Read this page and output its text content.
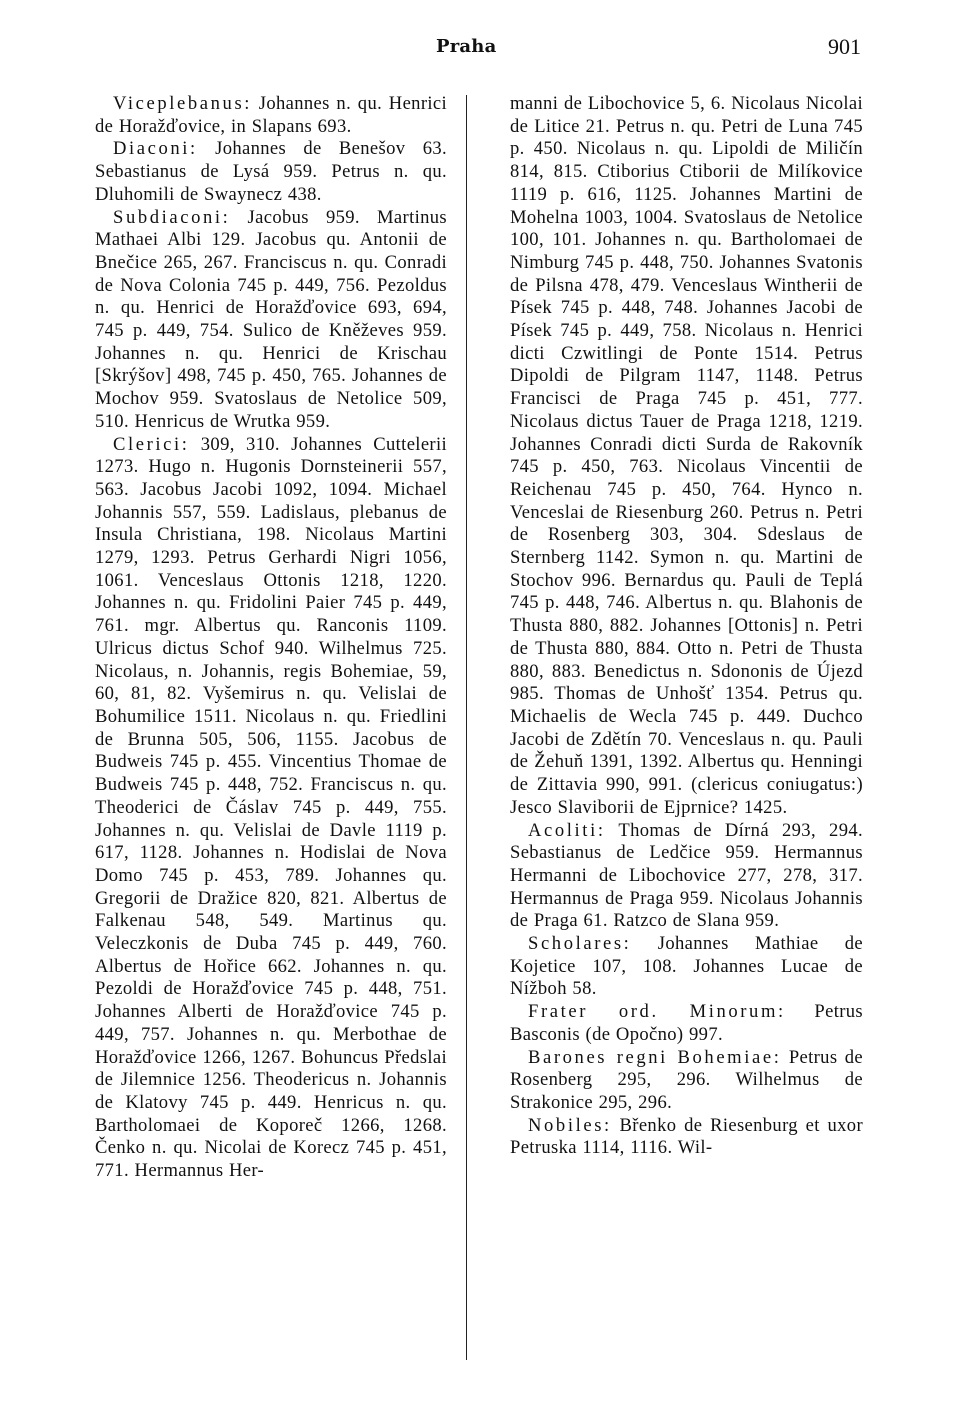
Praha	901

Viceplebanus: Johannes n. qu. Henrici de Horažďovice, in Slapans 693.

Diaconi: Johannes de Benešov 63. Sebastianus de Lysá 959. Petrus n. qu. Dluhomili de Swaynecz 438.

Subdiaconi: Jacobus 959. Martinus Mathaei Albi 129. Jacobus qu. Antonii de Bnečice 265, 267. Franciscus n. qu. Conradi de Nova Colonia 745 p. 449, 756. Pezoldus n. qu. Henrici de Horažďovice 693, 694, 745 p. 449, 754. Sulico de Kněževes 959. Johannes n. qu. Henrici de Krischau [Skrýšov] 498, 745 p. 450, 765. Johannes de Mochov 959. Svatoslaus de Netolice 509, 510. Henricus de Wrutka 959.

Clerici: 309, 310. Johannes Cuttelerii 1273. Hugo n. Hugonis Dornsteinerii 557, 563. Jacobus Jacobi 1092, 1094. Michael Johannis 557, 559. Ladislaus, plebanus de Insula Christiana, 198. Nicolaus Martini 1279, 1293. Petrus Gerhardi Nigri 1056, 1061. Venceslaus Ottonis 1218, 1220. Johannes n. qu. Fridolini Paier 745 p. 449, 761. mgr. Albertus qu. Ranconis 1109. Ulricus dictus Schof 940. Wilhelmus 725. Nicolaus, n. Johannis, regis Bohemiae, 59, 60, 81, 82. Vyšemirus n. qu. Velislai de Bohumilice 1511. Nicolaus n. qu. Friedlini de Brunna 505, 506, 1155. Jacobus de Budweis 745 p. 455. Vincentius Thomae de Budweis 745 p. 448, 752. Franciscus n. qu. Theoderici de Čáslav 745 p. 449, 755. Johannes n. qu. Velislai de Davle 1119 p. 617, 1128. Johannes n. Hodislai de Nova Domo 745 p. 453, 789. Johannes qu. Gregorii de Dražice 820, 821. Albertus de Falkenau 548, 549. Martinus qu. Veleczkonis de Duba 745 p. 449, 760. Albertus de Hořice 662. Johannes n. qu. Pezoldi de Horažďovice 745 p. 448, 751. Johannes Alberti de Horažďovice 745 p. 449, 757. Johannes n. qu. Merbothae de Horažďovice 1266, 1267. Bohuncus Předslai de Jilemnice 1256. Theodericus n. Johannis de Klatovy 745 p. 449. Henricus n. qu. Bartholomaei de Koporeč 1266, 1268. Čenko n. qu. Nicolai de Korecz 745 p. 451, 771. Hermannus Her-

manni de Libochovice 5, 6. Nicolaus Nicolai de Litice 21. Petrus n. qu. Petri de Luna 745 p. 450. Nicolaus n. qu. Lipoldi de Miličín 814, 815. Ctiborius Ctiborii de Milíkovice 1119 p. 616, 1125. Johannes Martini de Mohelna 1003, 1004. Svatoslaus de Netolice 100, 101. Johannes n. qu. Bartholomaei de Nimburg 745 p. 448, 750. Johannes Svatonis de Pilsna 478, 479. Venceslaus Wintherii de Písek 745 p. 448, 748. Johannes Jacobi de Písek 745 p. 449, 758. Nicolaus n. Henrici dicti Czwitlingi de Ponte 1514. Petrus Dipoldi de Pilgram 1147, 1148. Petrus Francisci de Praga 745 p. 451, 777. Nicolaus dictus Tauer de Praga 1218, 1219. Johannes Conradi dicti Surda de Rakovník 745 p. 450, 763. Nicolaus Vincentii de Reichenau 745 p. 450, 764. Hynco n. Venceslai de Riesenburg 260. Petrus n. Petri de Rosenberg 303, 304. Sdeslaus de Sternberg 1142. Symon n. qu. Martini de Stochov 996. Bernardus qu. Pauli de Teplá 745 p. 448, 746. Albertus n. qu. Blahonis de Thusta 880, 882. Johannes [Ottonis] n. Petri de Thusta 880, 884. Otto n. Petri de Thusta 880, 883. Benedictus n. Sdononis de Újezd 985. Thomas de Unhošť 1354. Petrus qu. Michaelis de Wecla 745 p. 449. Duchco Jacobi de Zdětín 70. Venceslaus n. qu. Pauli de Žehuň 1391, 1392. Albertus qu. Henningi de Zittavia 990, 991. (clericus coniugatus:) Jesco Slaviborii de Ejprnice? 1425.

Acoliti: Thomas de Dírná 293, 294. Sebastianus de Ledčice 959. Hermannus Hermanni de Libochovice 277, 278, 317. Hermannus de Praga 959. Nicolaus Johannis de Praga 61. Ratzco de Slana 959.

Scholares: Johannes Mathiae de Kojetice 107, 108. Johannes Lucae de Nížboh 58.

Frater ord. Minorum: Petrus Basconis (de Opočno) 997.

Barones regni Bohemiae: Petrus de Rosenberg 295, 296. Wilhelmus de Strakonice 295, 296.

Nobiles: Břenko de Riesenburg et uxor Petruska 1114, 1116. Wil-
